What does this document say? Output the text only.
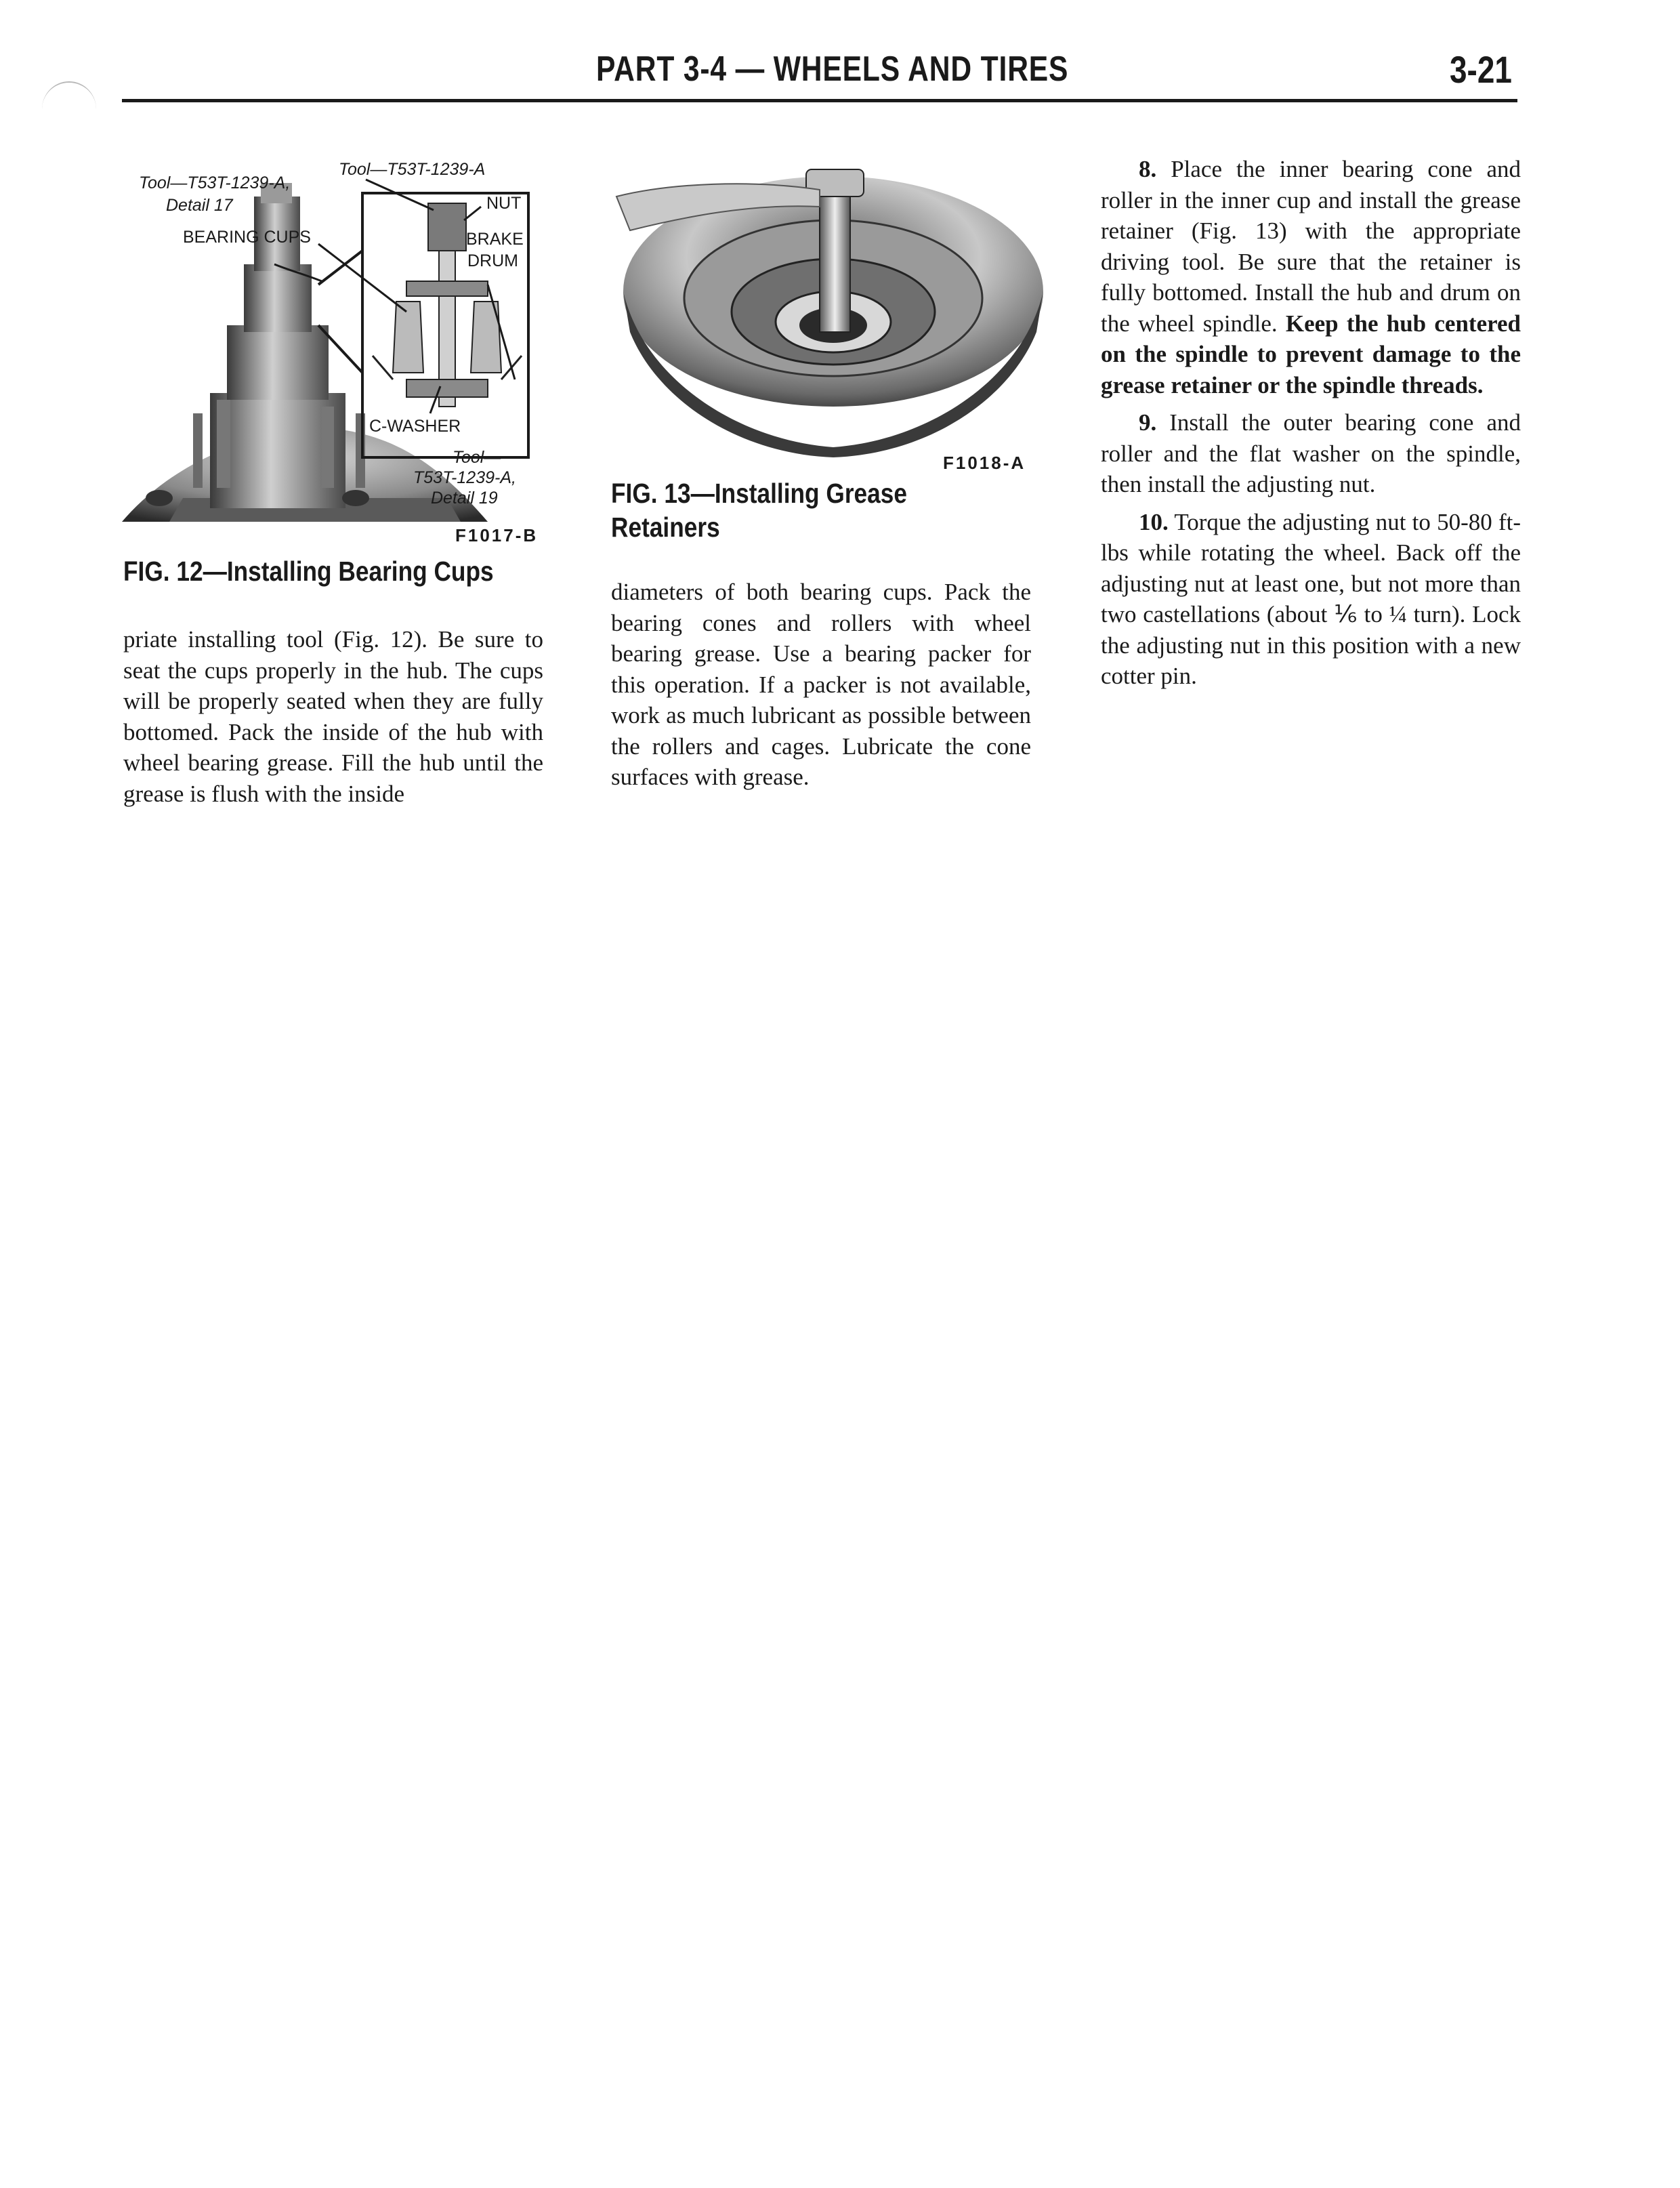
PART 3-4 — WHEELS AND TIRES	3-21
Tool—T53T-1239-A,
Detail 17
Tool—T53T-1239-A
BEARING CUPS
NUT
BRAKE
DRUM
C-WASHER
Tool—
T53T-1239-A,
Detail 19
F1017-B
FIG. 12—Installing Bearing Cups
F1018-A
FIG. 13—Installing Grease
Retainers

priate installing tool (Fig. 12). Be sure to seat the cups properly in the hub. The cups will be properly seated when they are fully bottomed. Pack the inside of the hub with wheel bearing grease. Fill the hub until the grease is flush with the inside

diameters of both bearing cups. Pack the bearing cones and rollers with wheel bearing grease. Use a bearing packer for this operation. If a packer is not available, work as much lubricant as possible between the rollers and cages. Lubricate the cone surfaces with grease.

8. Place the inner bearing cone and roller in the inner cup and install the grease retainer (Fig. 13) with the appropriate driving tool. Be sure that the retainer is fully bottomed. Install the hub and drum on the wheel spindle. Keep the hub centered on the spindle to prevent damage to the grease retainer or the spindle threads.

9. Install the outer bearing cone and roller and the flat washer on the spindle, then install the adjusting nut.

10. Torque the adjusting nut to 50-80 ft-lbs while rotating the wheel. Back off the adjusting nut at least one, but not more than two castellations (about ⅙ to ¼ turn). Lock the adjusting nut in this position with a new cotter pin.
